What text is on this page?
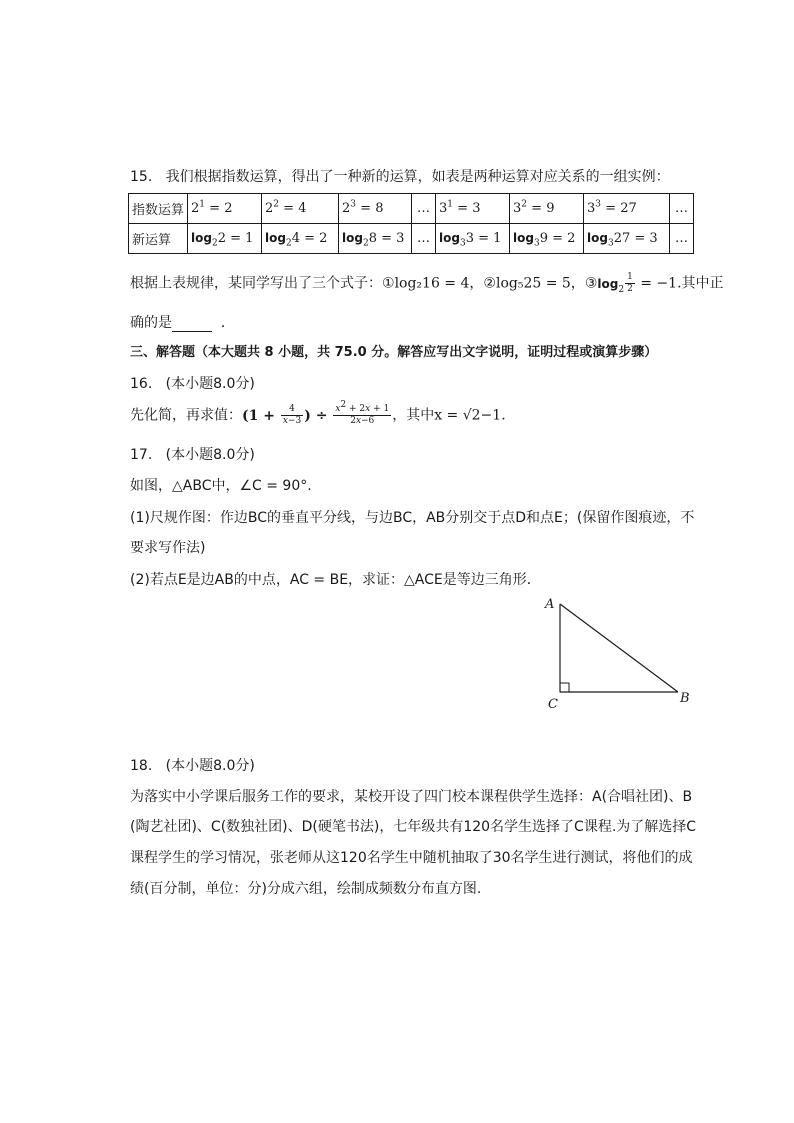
15. 我们根据指数运算，得出了一种新的运算，如表是两种运算对应关系的一组实例：
指数运算	$2^1 = 2$	$2^2 = 4$	$2^3 = 8$	…	$3^1 = 3$	$3^2 = 9$	$3^3 = 27$	…
新运算	$\log_22 = 1$	$\log_24 = 2$	$\log_28 = 3$	…	$\log_33 = 1$	$\log_39 = 2$	$\log_327 = 3$	…
根据上表规律，某同学写出了三个式子：①log₂16 = 4，②log₅25 = 5，$③\log_2 \frac{1}{2} = -1$.其中正
确的是	．
三、解答题（本大题共 8 小题，共 75.0 分。解答应写出文字说明，证明过程或演算步骤）
16. (本小题8.0分)
先化简，再求值：($1 + \frac{4}{x-3}$ ) ÷ $\frac{x^2 + 2x + 1}{2x-6}$ ，其中x = √2−1.
17. (本小题8.0分)
如图，△ABC中，∠C = 90°.
(1)尺规作图：作边BC的垂直平分线，与边BC，AB分别交于点D和点E；(保留作图痕迹，不
要求写作法)
(2)若点E是边AB的中点，AC = BE，求证：△ACE是等边三角形．
A
C	B
18. (本小题8.0分)
为落实中小学课后服务工作的要求，某校开设了四门校本课程供学生选择：A(合唱社团)、B
(陶艺社团)、C(数独社团)、D(硬笔书法)，七年级共有120名学生选择了C课程.为了解选择C
课程学生的学习情况，张老师从这120名学生中随机抽取了30名学生进行测试，将他们的成
绩(百分制，单位：分)分成六组，绘制成频数分布直方图.
